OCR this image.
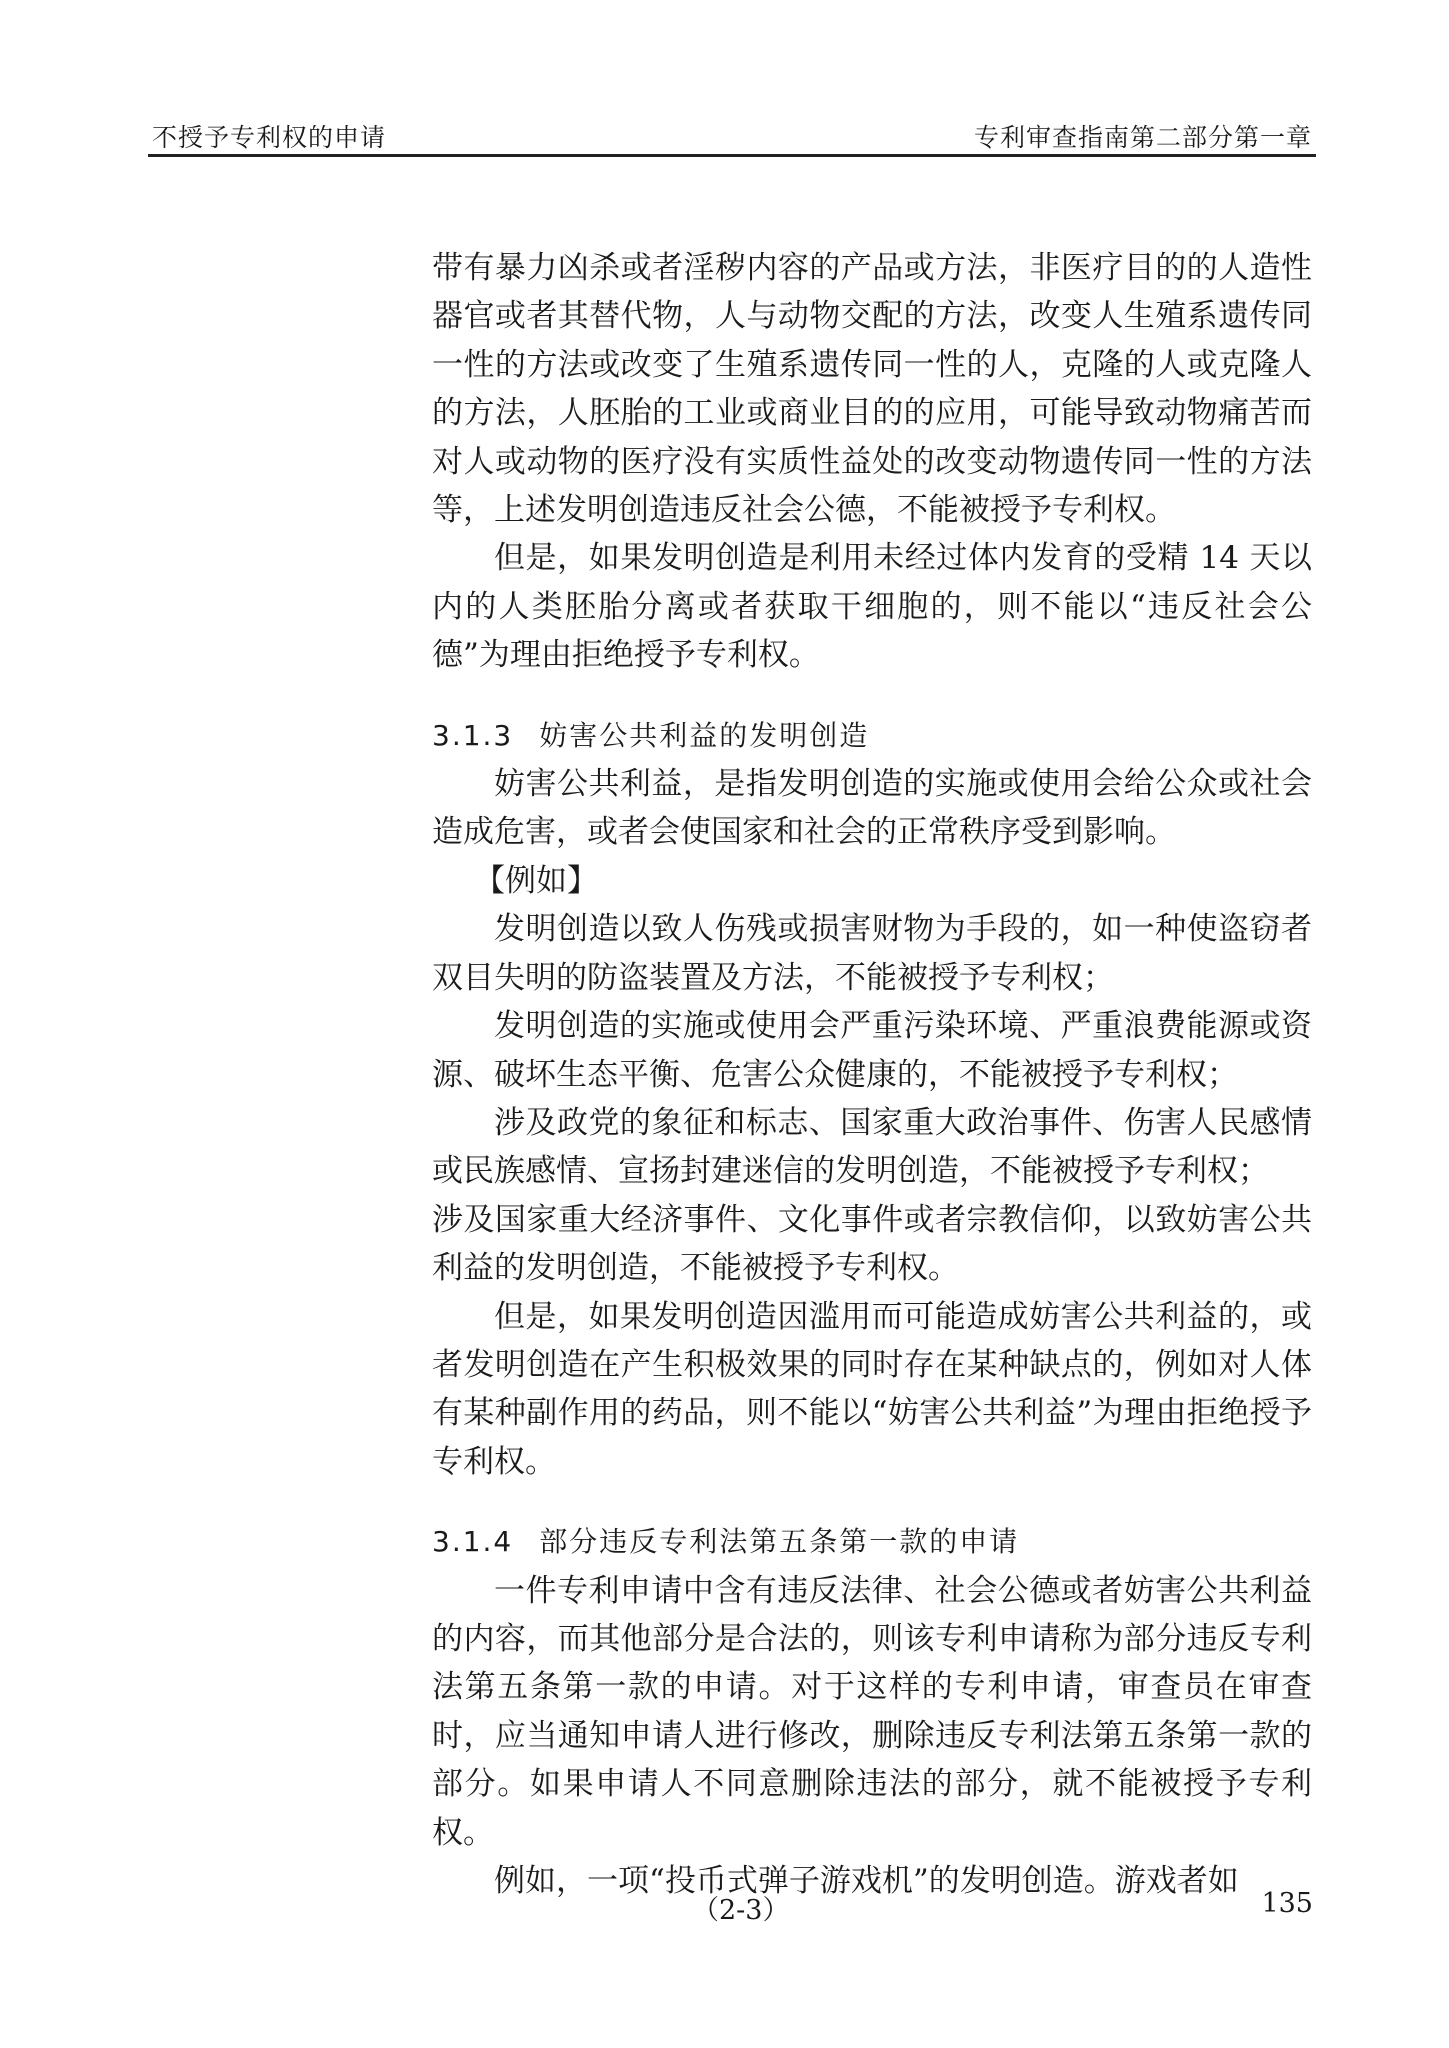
不授予专利权的申请	专利审查指南第二部分第一章

带有暴力凶杀或者淫秽内容的产品或方法，非医疗目的的人造性器官或者其替代物，人与动物交配的方法，改变人生殖系遗传同一性的方法或改变了生殖系遗传同一性的人，克隆的人或克隆人的方法，人胚胎的工业或商业目的的应用，可能导致动物痛苦而对人或动物的医疗没有实质性益处的改变动物遗传同一性的方法等，上述发明创造违反社会公德，不能被授予专利权。

但是，如果发明创造是利用未经过体内发育的受精 14 天以内的人类胚胎分离或者获取干细胞的，则不能以“违反社会公德”为理由拒绝授予专利权。

3.1.3 妨害公共利益的发明创造

妨害公共利益，是指发明创造的实施或使用会给公众或社会造成危害，或者会使国家和社会的正常秩序受到影响。

【例如】

发明创造以致人伤残或损害财物为手段的，如一种使盗窃者双目失明的防盗装置及方法，不能被授予专利权；

发明创造的实施或使用会严重污染环境、严重浪费能源或资源、破坏生态平衡、危害公众健康的，不能被授予专利权；

涉及政党的象征和标志、国家重大政治事件、伤害人民感情或民族感情、宣扬封建迷信的发明创造，不能被授予专利权；

涉及国家重大经济事件、文化事件或者宗教信仰，以致妨害公共利益的发明创造，不能被授予专利权。

但是，如果发明创造因滥用而可能造成妨害公共利益的，或者发明创造在产生积极效果的同时存在某种缺点的，例如对人体有某种副作用的药品，则不能以“妨害公共利益”为理由拒绝授予专利权。

3.1.4 部分违反专利法第五条第一款的申请

一件专利申请中含有违反法律、社会公德或者妨害公共利益的内容，而其他部分是合法的，则该专利申请称为部分违反专利法第五条第一款的申请。对于这样的专利申请，审查员在审查时，应当通知申请人进行修改，删除违反专利法第五条第一款的部分。如果申请人不同意删除违法的部分，就不能被授予专利权。

例如，一项“投币式弹子游戏机”的发明创造。游戏者如

（2-3）	135
